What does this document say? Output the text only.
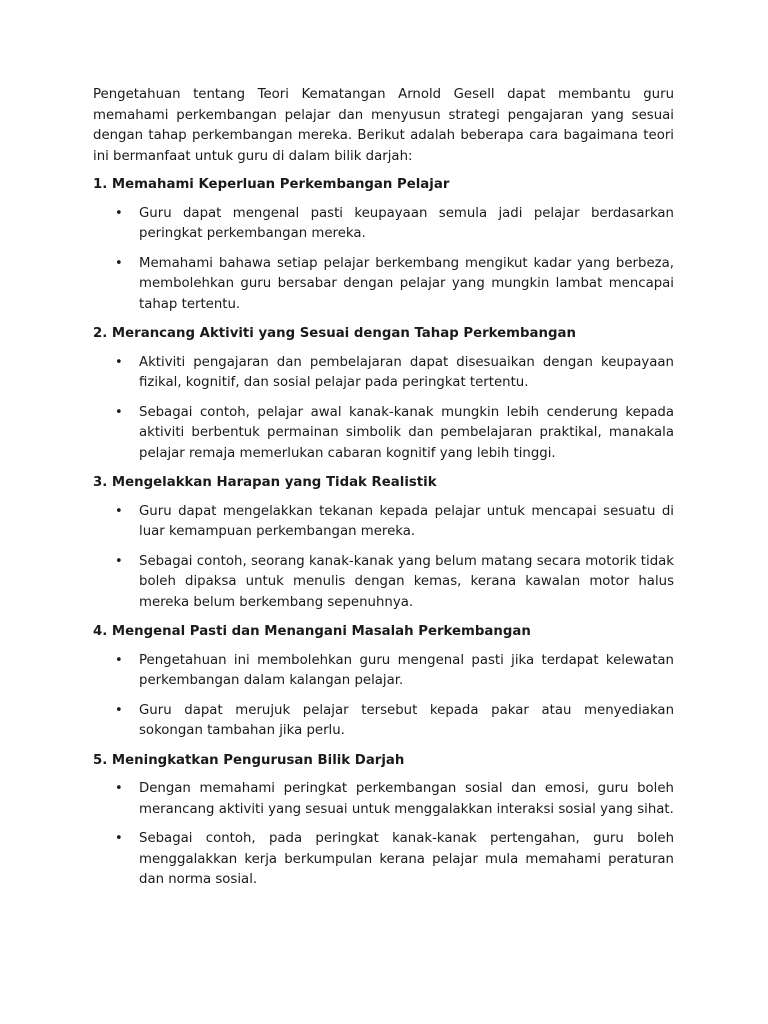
Pengetahuan tentang Teori Kematangan Arnold Gesell dapat membantu guru memahami perkembangan pelajar dan menyusun strategi pengajaran yang sesuai dengan tahap perkembangan mereka. Berikut adalah beberapa cara bagaimana teori ini bermanfaat untuk guru di dalam bilik darjah:

1. Memahami Keperluan Perkembangan Pelajar

• Guru dapat mengenal pasti keupayaan semula jadi pelajar berdasarkan peringkat perkembangan mereka.
• Memahami bahawa setiap pelajar berkembang mengikut kadar yang berbeza, membolehkan guru bersabar dengan pelajar yang mungkin lambat mencapai tahap tertentu.

2. Merancang Aktiviti yang Sesuai dengan Tahap Perkembangan

• Aktiviti pengajaran dan pembelajaran dapat disesuaikan dengan keupayaan fizikal, kognitif, dan sosial pelajar pada peringkat tertentu.
• Sebagai contoh, pelajar awal kanak-kanak mungkin lebih cenderung kepada aktiviti berbentuk permainan simbolik dan pembelajaran praktikal, manakala pelajar remaja memerlukan cabaran kognitif yang lebih tinggi.

3. Mengelakkan Harapan yang Tidak Realistik

• Guru dapat mengelakkan tekanan kepada pelajar untuk mencapai sesuatu di luar kemampuan perkembangan mereka.
• Sebagai contoh, seorang kanak-kanak yang belum matang secara motorik tidak boleh dipaksa untuk menulis dengan kemas, kerana kawalan motor halus mereka belum berkembang sepenuhnya.

4. Mengenal Pasti dan Menangani Masalah Perkembangan

• Pengetahuan ini membolehkan guru mengenal pasti jika terdapat kelewatan perkembangan dalam kalangan pelajar.
• Guru dapat merujuk pelajar tersebut kepada pakar atau menyediakan sokongan tambahan jika perlu.

5. Meningkatkan Pengurusan Bilik Darjah

• Dengan memahami peringkat perkembangan sosial dan emosi, guru boleh merancang aktiviti yang sesuai untuk menggalakkan interaksi sosial yang sihat.
• Sebagai contoh, pada peringkat kanak-kanak pertengahan, guru boleh menggalakkan kerja berkumpulan kerana pelajar mula memahami peraturan dan norma sosial.
